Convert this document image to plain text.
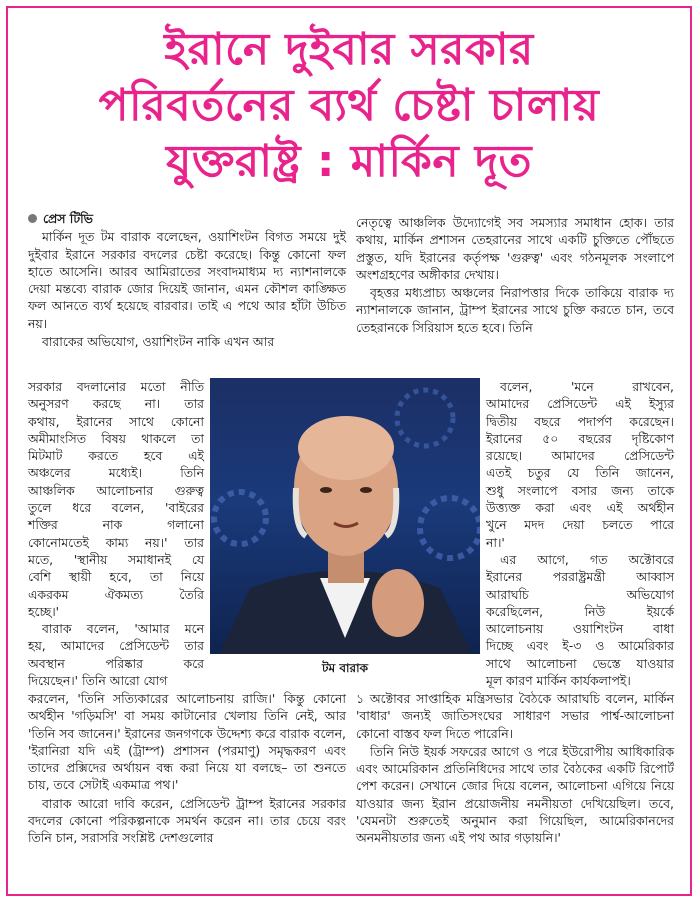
ইরানে দুইবার সরকার
পরিবর্তনের ব্যর্থ চেষ্টা চালায়
যুক্তরাষ্ট্র : মার্কিন দূত
প্রেস টিভি

মার্কিন দূত টম বারাক বলেছেন, ওয়াশিংটন বিগত সময়ে দুই দুইবার ইরানে সরকার বদলের চেষ্টা করেছে। কিন্তু কোনো ফল হাতে আসেনি। আরব আমিরাতের সংবাদমাধ্যম দ্য ন্যাশনালকে দেয়া মন্তব্যে বারাক জোর দিয়েই জানান, এমন কৌশল কাঙ্ক্ষিত ফল আনতে ব্যর্থ হয়েছে বারবার। তাই এ পথে আর হাঁটা উচিত নয়।

বারাকের অভিযোগ, ওয়াশিংটন নাকি এখন আর

সরকার বদলানোর মতো নীতি
অনুসরণ করছে না। তার
কথায়, ইরানের সাথে কোনো
অমীমাংসিত বিষয় থাকলে তা
মিটমাট করতে হবে এই
অঞ্চলের মধ্যেই। তিনি
আঞ্চলিক আলোচনার গুরুত্ব
তুলে ধরে বলেন, 'বাইরের
শক্তির নাক গলানো
কোনোমতেই কাম্য নয়।' তার
মতে, 'স্থানীয় সমাধানই যে
বেশি স্থায়ী হবে, তা নিয়ে
একরকম ঐকমত্য তৈরি
হচ্ছে।'
বারাক বলেন, 'আমার মনে
হয়, আমাদের প্রেসিডেন্ট তার
অবস্থান পরিষ্কার করে
দিয়েছেন।' তিনি আরো যোগ

করলেন, 'তিনি সত্যিকারের আলোচনায় রাজি।' কিন্তু কোনো অর্থহীন 'গড়িমসি' বা সময় কাটানোর খেলায় তিনি নেই, আর 'তিনি সব জানেন।' ইরানের জনগণকে উদ্দেশ্য করে বারাক বলেন, 'ইরানিরা যদি এই (ট্রাম্প) প্রশাসন (পরমাণু) সমৃদ্ধকরণ এবং তাদের প্রক্সিদের অর্থায়ন বন্ধ করা নিয়ে যা বলছে– তা শুনতে চায়, তবে সেটাই একমাত্র পথ।'

বারাক আরো দাবি করেন, প্রেসিডেন্ট ট্রাম্প ইরানের সরকার বদলের কোনো পরিকল্পনাকে সমর্থন করেন না। তার চেয়ে বরং তিনি চান, সরাসরি সংশ্লিষ্ট দেশগুলোর

নেতৃত্বে আঞ্চলিক উদ্যোগেই সব সমস্যার সমাধান হোক। তার কথায়, মার্কিন প্রশাসন তেহরানের সাথে একটি চুক্তিতে পৌঁছতে প্রস্তুত, যদি ইরানের কর্তৃপক্ষ 'গুরুত্ব' এবং গঠনমূলক সংলাপে অংশগ্রহণের অঙ্গীকার দেখায়।

বৃহত্তর মধ্যপ্রাচ্য অঞ্চলের নিরাপত্তার দিকে তাকিয়ে বারাক দ্য ন্যাশনালকে জানান, ট্রাম্প ইরানের সাথে চুক্তি করতে চান, তবে তেহরানকে সিরিয়াস হতে হবে। তিনি

বলেন, 'মনে রাখবেন,
আমাদের প্রেসিডেন্ট এই ইস্যুর
দ্বিতীয় বছরে পদার্পণ করেছেন।
ইরানের ৫০ বছরের দৃষ্টিকোণ
রয়েছে। আমাদের প্রেসিডেন্ট
এতই চতুর যে তিনি জানেন,
শুধু সংলাপে বসার জন্য তাকে
উত্ত্যক্ত করা এবং এই অর্থহীন
খুনে মদদ দেয়া চলতে পারে
না।'
এর আগে, গত অক্টোবরে
ইরানের পররাষ্ট্রমন্ত্রী আব্বাস
আরাঘচি অভিযোগ
করেছিলেন, নিউ ইয়র্কে
আলোচনায় ওয়াশিংটন বাধা
দিচ্ছে এবং ই-৩ ও আমেরিকার
সাথে আলোচনা ভেস্তে যাওয়ার
মূল কারণ মার্কিন কার্যকলাপই।

১ অক্টোবর সাপ্তাহিক মন্ত্রিসভার বৈঠকে আরাঘচি বলেন, মার্কিন 'বাধার' জন্যই জাতিসংঘের সাধারণ সভার পার্শ্ব-আলোচনা কোনো বাস্তব ফল দিতে পারেনি।

তিনি নিউ ইয়র্ক সফরের আগে ও পরে ইউরোপীয় আধিকারিক এবং আমেরিকান প্রতিনিধিদের সাথে তার বৈঠকের একটি রিপোর্ট পেশ করেন। সেখানে জোর দিয়ে বলেন, আলোচনা এগিয়ে নিয়ে যাওয়ার জন্য ইরান প্রয়োজনীয় নমনীয়তা দেখিয়েছিল। তবে, 'যেমনটা শুরুতেই অনুমান করা গিয়েছিল, আমেরিকানদের অনমনীয়তার জন্য এই পথ আর গড়ায়নি।'

টম বারাক
